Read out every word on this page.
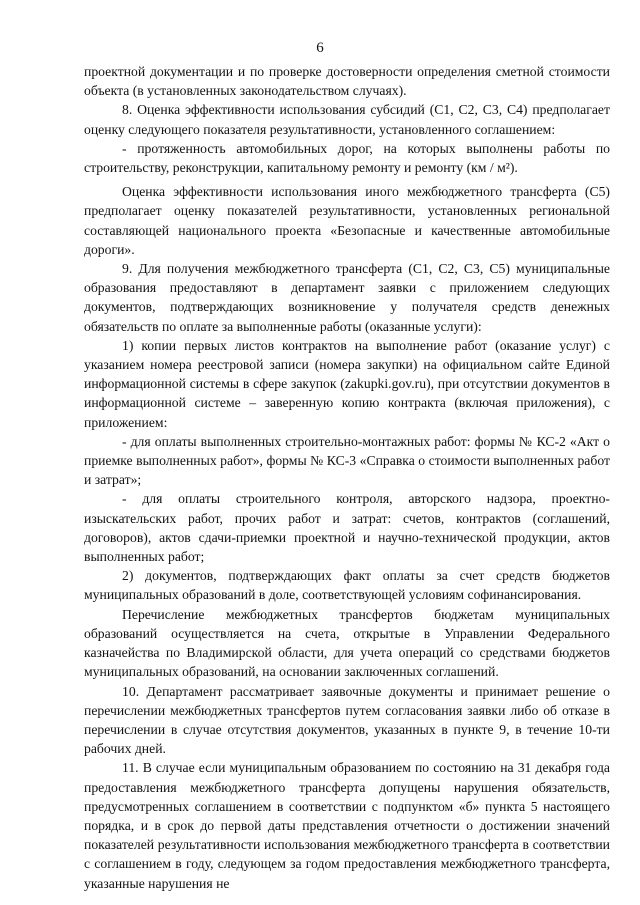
6

проектной документации и по проверке достоверности определения сметной стоимости объекта (в установленных законодательством случаях).

8. Оценка эффективности использования субсидий (С1, С2, С3, С4) предполагает оценку следующего показателя результативности, установленного соглашением:

- протяженность автомобильных дорог, на которых выполнены работы по строительству, реконструкции, капитальному ремонту и ремонту (км / м²).

Оценка эффективности использования иного межбюджетного трансферта (С5) предполагает оценку показателей результативности, установленных региональной составляющей национального проекта «Безопасные и качественные автомобильные дороги».

9. Для получения межбюджетного трансферта (С1, С2, С3, С5) муниципальные образования предоставляют в департамент заявки с приложением следующих документов, подтверждающих возникновение у получателя средств денежных обязательств по оплате за выполненные работы (оказанные услуги):

1) копии первых листов контрактов на выполнение работ (оказание услуг) с указанием номера реестровой записи (номера закупки) на официальном сайте Единой информационной системы в сфере закупок (zakupki.gov.ru), при отсутствии документов в информационной системе – заверенную копию контракта (включая приложения), с приложением:

- для оплаты выполненных строительно-монтажных работ: формы № КС-2 «Акт о приемке выполненных работ», формы № КС-3 «Справка о стоимости выполненных работ и затрат»;

- для оплаты строительного контроля, авторского надзора, проектно-изыскательских работ, прочих работ и затрат: счетов, контрактов (соглашений, договоров), актов сдачи-приемки проектной и научно-технической продукции, актов выполненных работ;

2) документов, подтверждающих факт оплаты за счет средств бюджетов муниципальных образований в доле, соответствующей условиям софинансирования.

Перечисление межбюджетных трансфертов бюджетам муниципальных образований осуществляется на счета, открытые в Управлении Федерального казначейства по Владимирской области, для учета операций со средствами бюджетов муниципальных образований, на основании заключенных соглашений.

10. Департамент рассматривает заявочные документы и принимает решение о перечислении межбюджетных трансфертов путем согласования заявки либо об отказе в перечислении в случае отсутствия документов, указанных в пункте 9, в течение 10-ти рабочих дней.

11. В случае если муниципальным образованием по состоянию на 31 декабря года предоставления межбюджетного трансферта допущены нарушения обязательств, предусмотренных соглашением в соответствии с подпунктом «б» пункта 5 настоящего порядка, и в срок до первой даты представления отчетности о достижении значений показателей результативности использования межбюджетного трансферта в соответствии с соглашением в году, следующем за годом предоставления межбюджетного трансферта, указанные нарушения не
